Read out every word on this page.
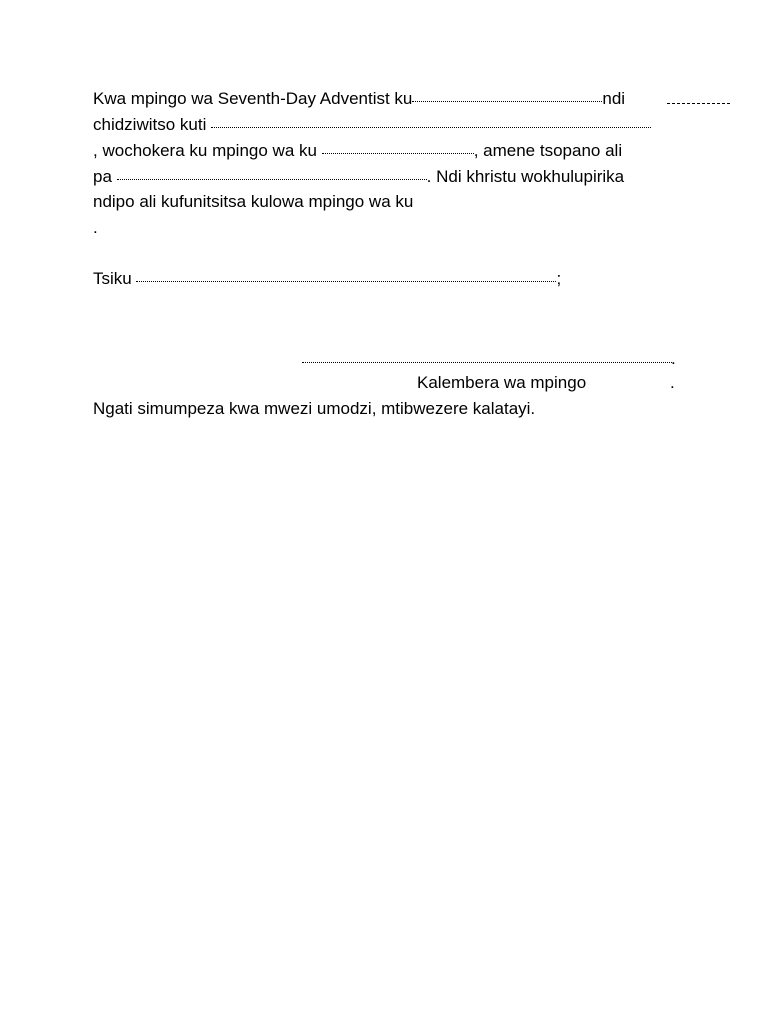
Kwa mpingo wa Seventh-Day Adventist ku	ndi
chidziwitso kuti
, wochokera ku mpingo wa ku	, amene tsopano ali
pa	. Ndi khristu wokhulupirika
ndipo ali kufunitsitsa kulowa mpingo wa ku
.
Tsiku	;
.
Kalembera wa mpingo	.
Ngati simumpeza kwa mwezi umodzi, mtibwezere kalatayi.
